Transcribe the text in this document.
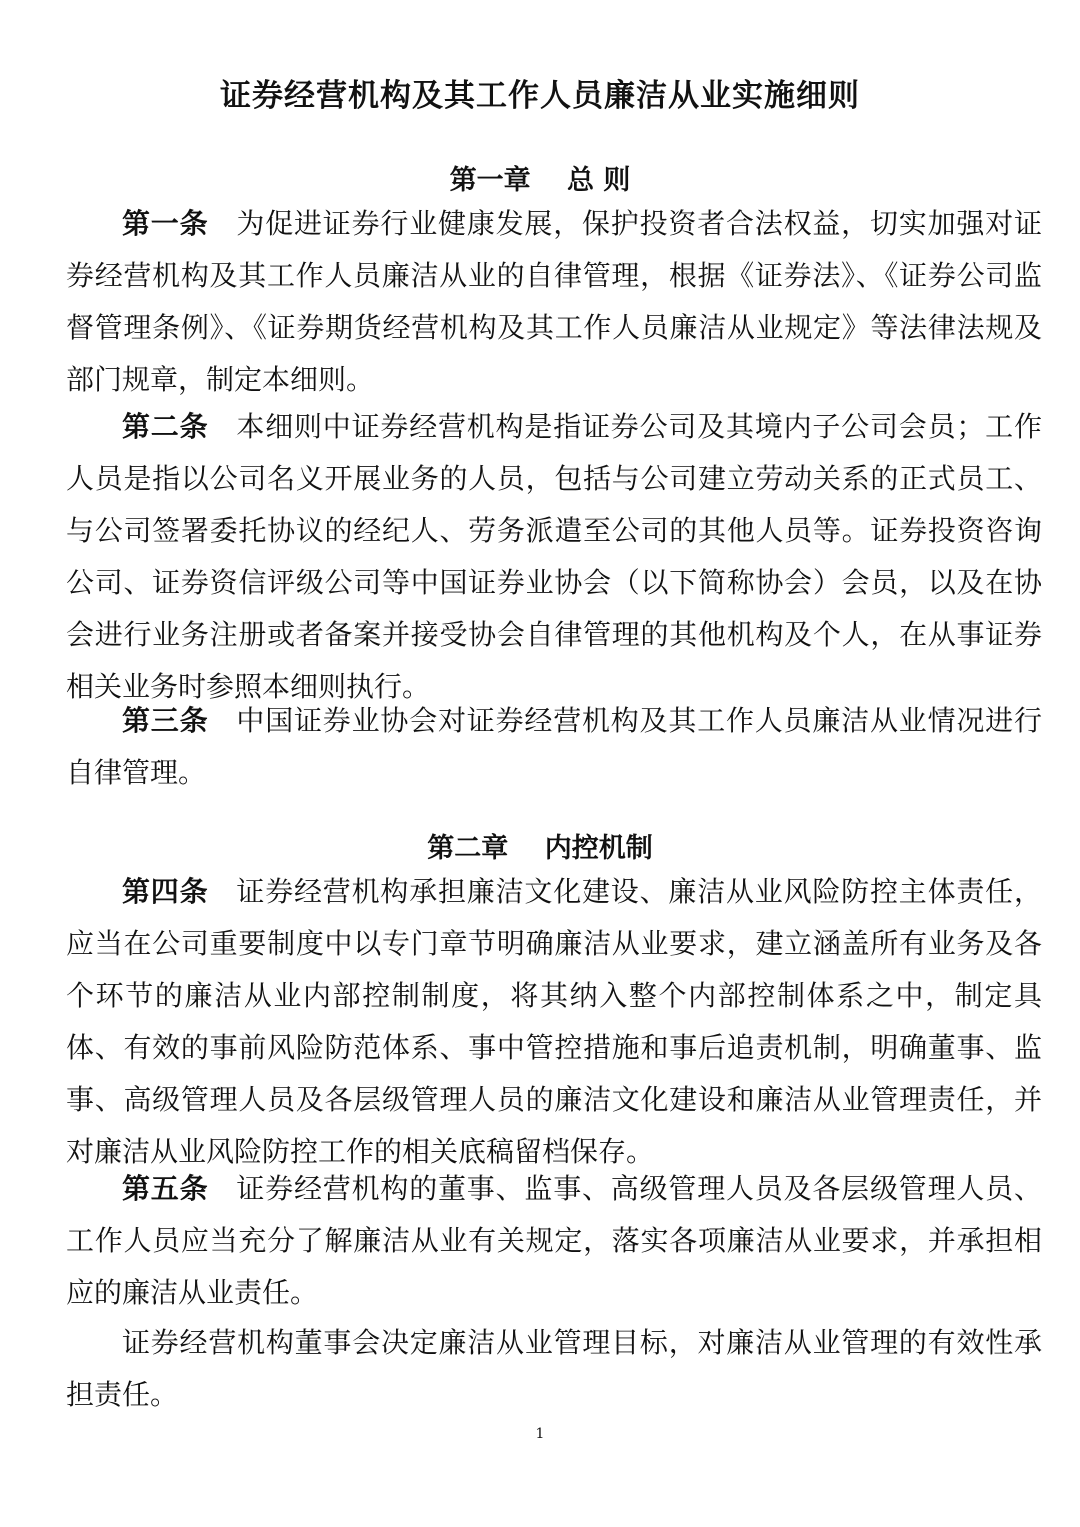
证券经营机构及其工作人员廉洁从业实施细则
第一章　 总 则

第一条 为促进证券行业健康发展，保护投资者合法权益，切实加强对证券经营机构及其工作人员廉洁从业的自律管理，根据《证券法》、《证券公司监督管理条例》、《证券期货经营机构及其工作人员廉洁从业规定》等法律法规及部门规章，制定本细则。

第二条 本细则中证券经营机构是指证券公司及其境内子公司会员；工作人员是指以公司名义开展业务的人员，包括与公司建立劳动关系的正式员工、与公司签署委托协议的经纪人、劳务派遣至公司的其他人员等。证券投资咨询公司、证券资信评级公司等中国证券业协会（以下简称协会）会员，以及在协会进行业务注册或者备案并接受协会自律管理的其他机构及个人，在从事证券相关业务时参照本细则执行。

第三条 中国证券业协会对证券经营机构及其工作人员廉洁从业情况进行自律管理。

第二章　 内控机制

第四条 证券经营机构承担廉洁文化建设、廉洁从业风险防控主体责任，应当在公司重要制度中以专门章节明确廉洁从业要求，建立涵盖所有业务及各个环节的廉洁从业内部控制制度，将其纳入整个内部控制体系之中，制定具体、有效的事前风险防范体系、事中管控措施和事后追责机制，明确董事、监事、高级管理人员及各层级管理人员的廉洁文化建设和廉洁从业管理责任，并对廉洁从业风险防控工作的相关底稿留档保存。

第五条 证券经营机构的董事、监事、高级管理人员及各层级管理人员、工作人员应当充分了解廉洁从业有关规定，落实各项廉洁从业要求，并承担相应的廉洁从业责任。

证券经营机构董事会决定廉洁从业管理目标，对廉洁从业管理的有效性承担责任。

1
